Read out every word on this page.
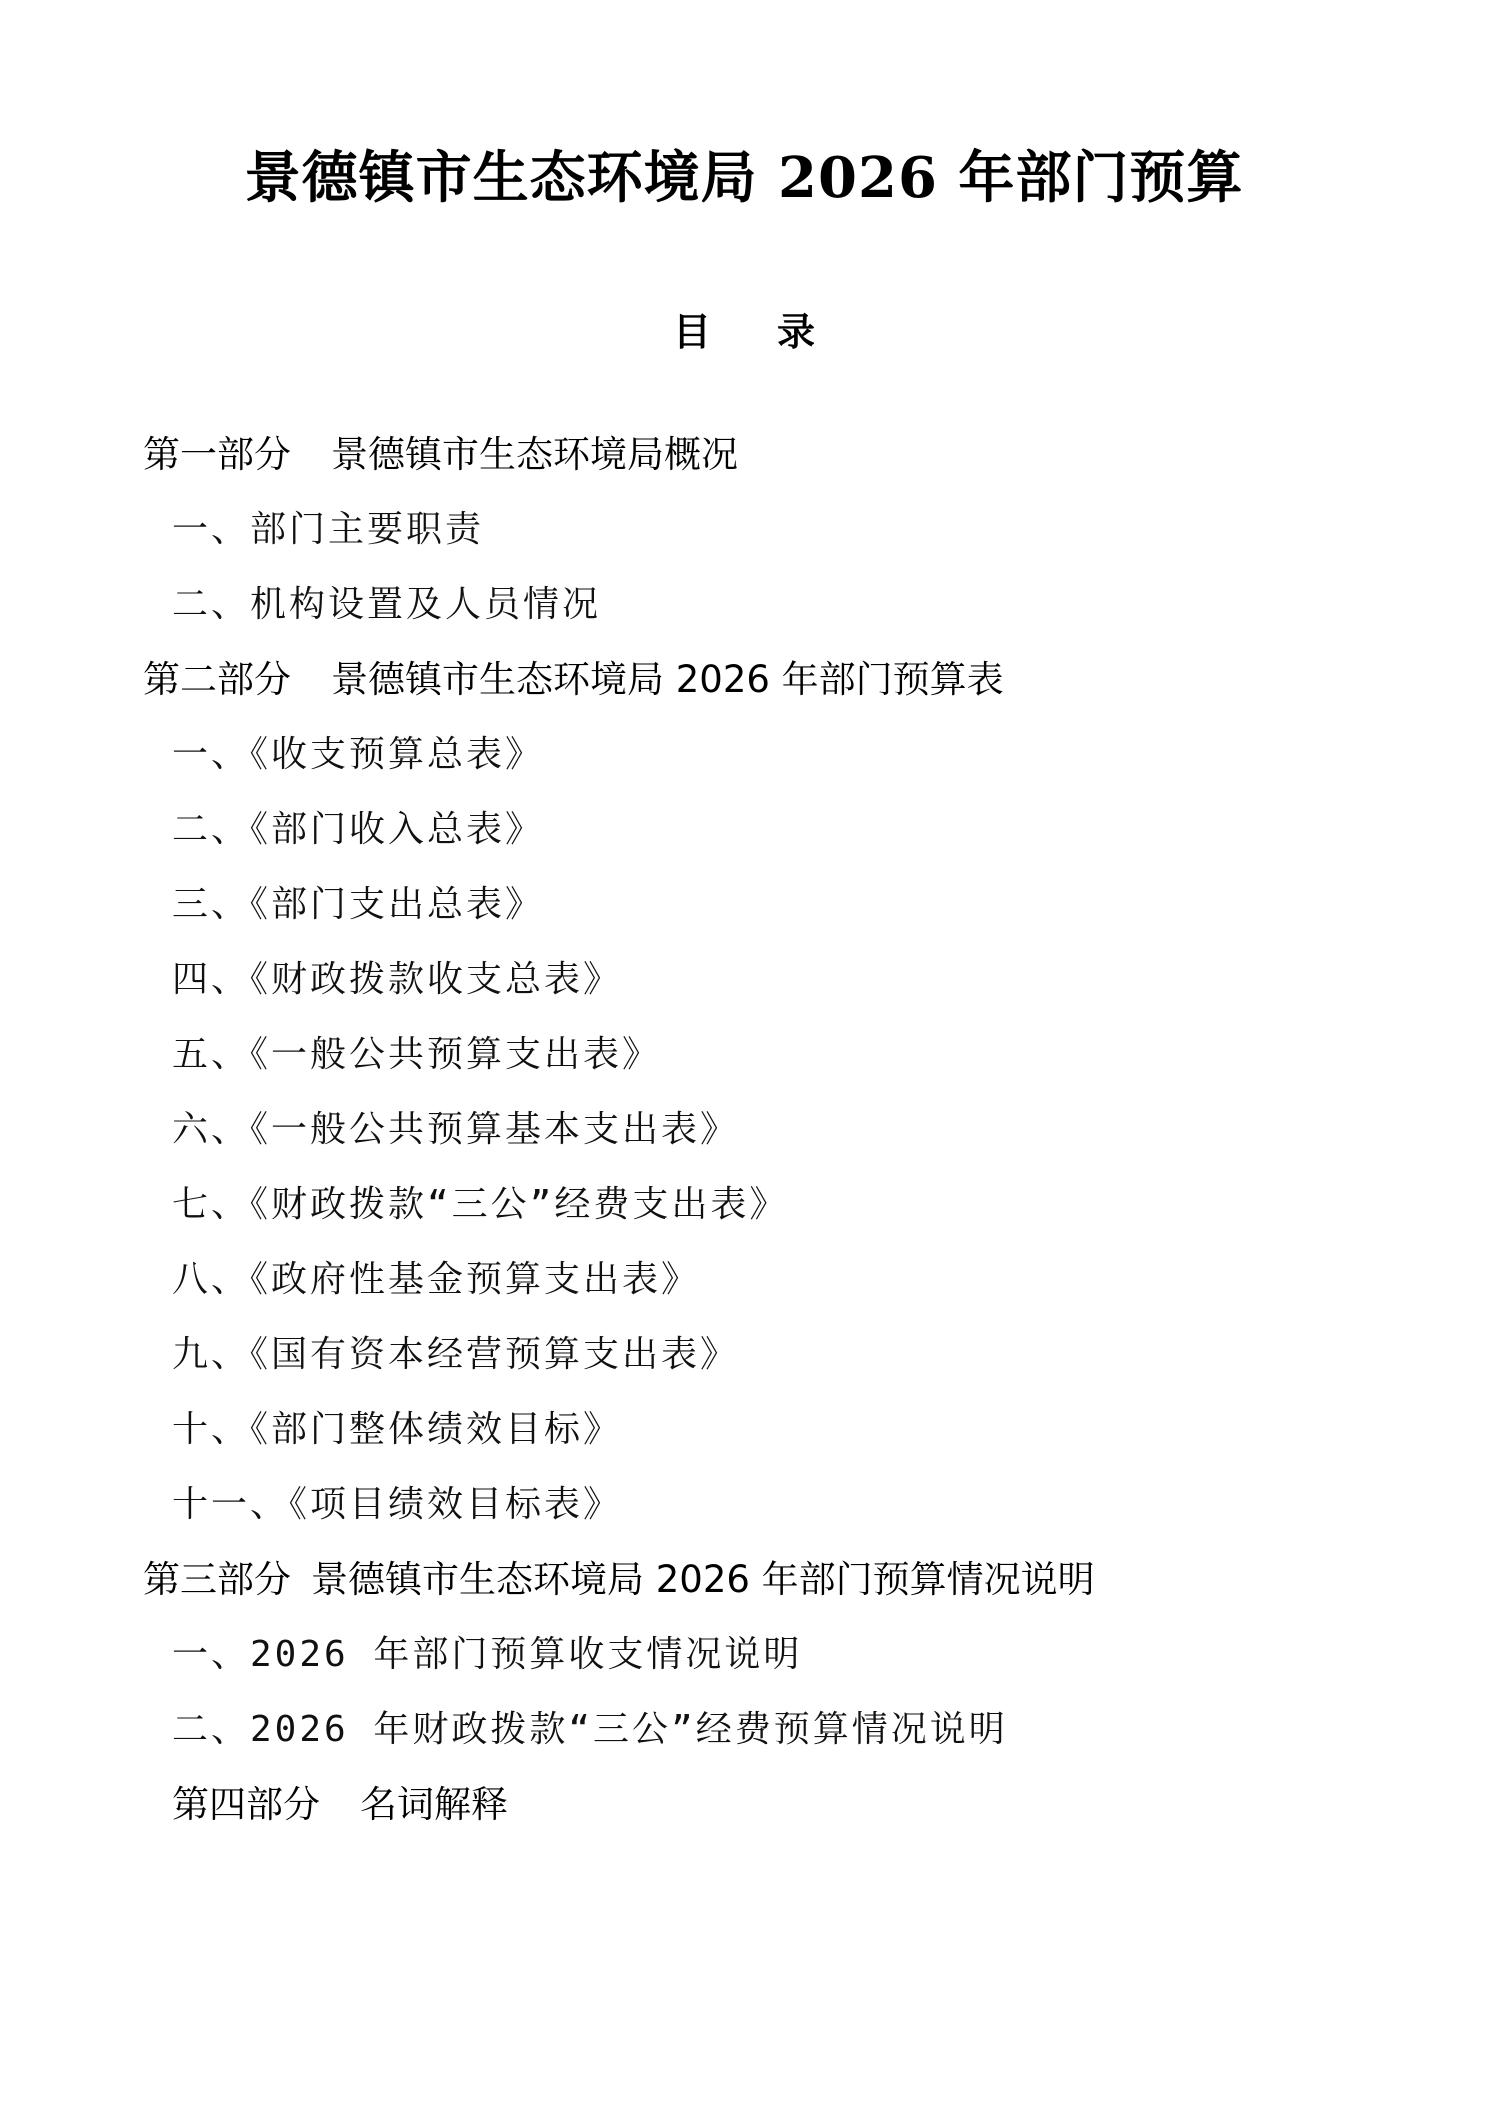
景德镇市生态环境局 2026 年部门预算
目录
第一部分 景德镇市生态环境局概况
一、部门主要职责
二、机构设置及人员情况
第二部分 景德镇市生态环境局 2026 年部门预算表
一、《收支预算总表》
二、《部门收入总表》
三、《部门支出总表》
四、《财政拨款收支总表》
五、《一般公共预算支出表》
六、《一般公共预算基本支出表》
七、《财政拨款“三公”经费支出表》
八、《政府性基金预算支出表》
九、《国有资本经营预算支出表》
十、《部门整体绩效目标》
十一、《项目绩效目标表》
第三部分 景德镇市生态环境局 2026 年部门预算情况说明
一、2026 年部门预算收支情况说明
二、2026 年财政拨款“三公”经费预算情况说明
第四部分 名词解释
